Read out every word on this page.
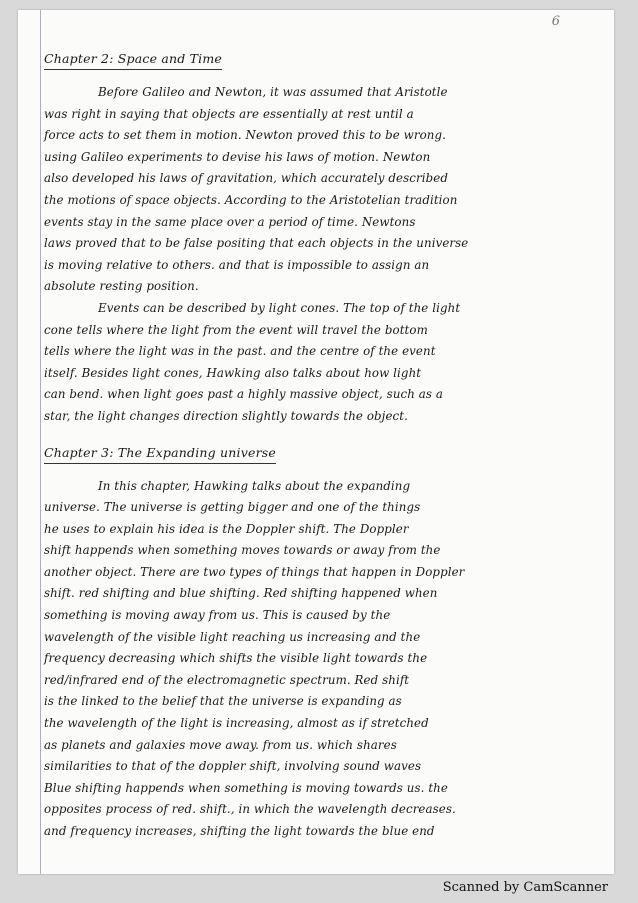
6
Chapter 2: Space and Time
Before Galileo and Newton, it was assumed that Aristotle
was right in saying that objects are essentially at rest until a
force acts to set them in motion. Newton proved this to be wrong.
using Galileo experiments to devise his laws of motion. Newton
also developed his laws of gravitation, which accurately described
the motions of space objects. According to the Aristotelian tradition
events stay in the same place over a period of time. Newtons
laws proved that to be false positing that each objects in the universe
is moving relative to others. and that is impossible to assign an
absolute resting position.
Events can be described by light cones. The top of the light
cone tells where the light from the event will travel the bottom
tells where the light was in the past. and the centre of the event
itself. Besides light cones, Hawking also talks about how light
can bend. when light goes past a highly massive object, such as a
star, the light changes direction slightly towards the object.
Chapter 3: The Expanding universe
In this chapter, Hawking talks about the expanding
universe. The universe is getting bigger and one of the things
he uses to explain his idea is the Doppler shift. The Doppler
shift happends when something moves towards or away from the
another object. There are two types of things that happen in Doppler
shift. red shifting and blue shifting. Red shifting happened when
something is moving away from us. This is caused by the
wavelength of the visible light reaching us increasing and the
frequency decreasing which shifts the visible light towards the
red/infrared end of the electromagnetic spectrum. Red shift
is the linked to the belief that the universe is expanding as
the wavelength of the light is increasing, almost as if stretched
as planets and galaxies move away. from us. which shares
similarities to that of the doppler shift, involving sound waves
Blue shifting happends when something is moving towards us. the
opposites process of red. shift., in which the wavelength decreases.
and frequency increases, shifting the light towards the blue end
Scanned by CamScanner
